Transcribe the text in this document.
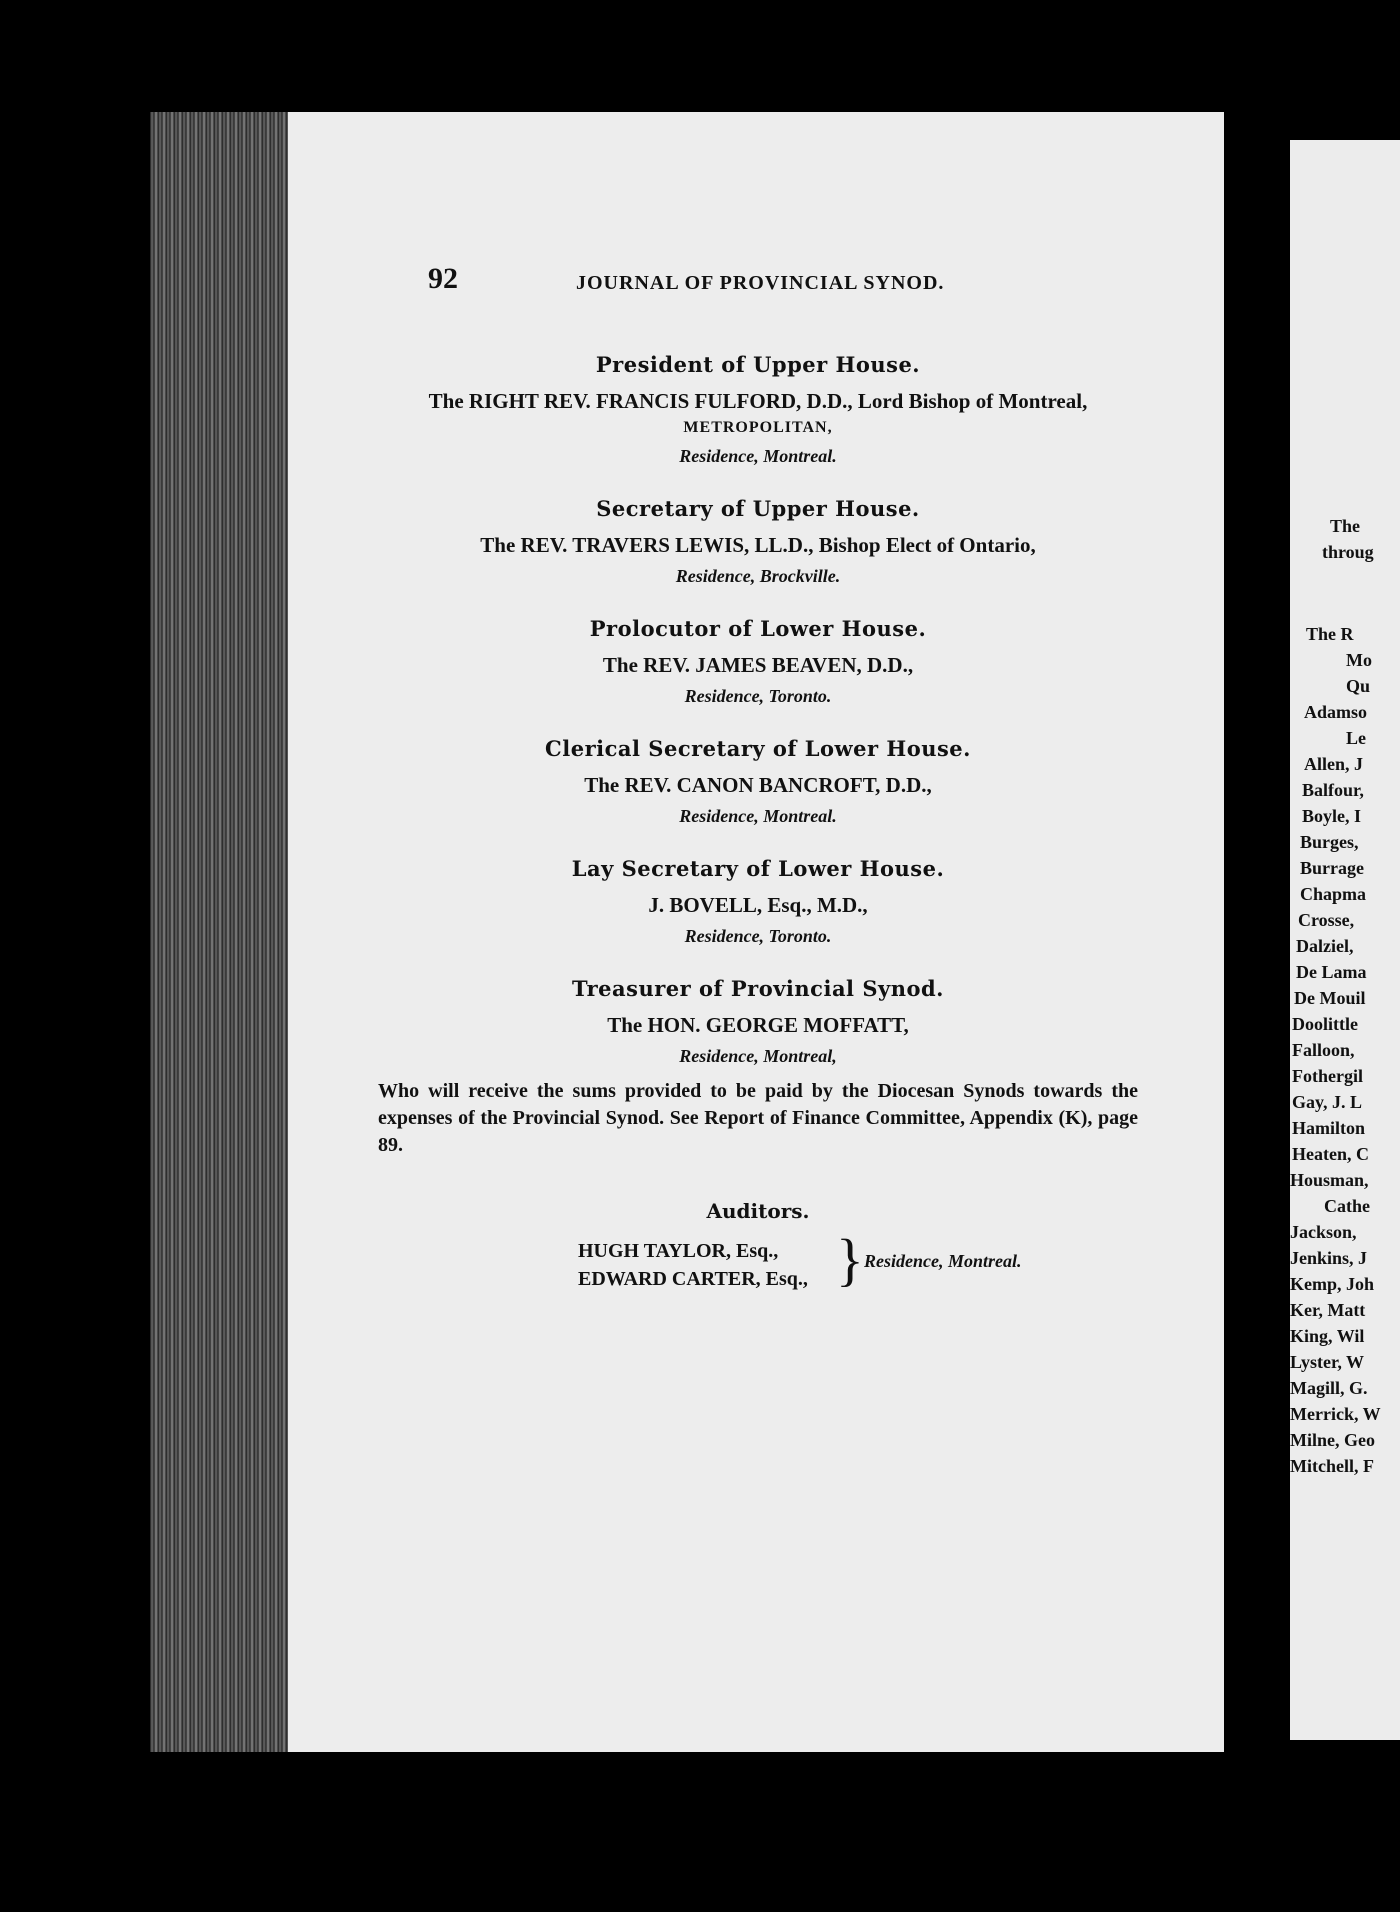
92	JOURNAL OF PROVINCIAL SYNOD.
President of Upper House.
The RIGHT REV. FRANCIS FULFORD, D.D., Lord Bishop of Montreal,
METROPOLITAN,
Residence, Montreal.
Secretary of Upper House.
The REV. TRAVERS LEWIS, LL.D., Bishop Elect of Ontario,
Residence, Brockville.
Prolocutor of Lower House.
The REV. JAMES BEAVEN, D.D.,
Residence, Toronto.
Clerical Secretary of Lower House.
The REV. CANON BANCROFT, D.D.,
Residence, Montreal.
Lay Secretary of Lower House.
J. BOVELL, Esq., M.D.,
Residence, Toronto.
Treasurer of Provincial Synod.
The HON. GEORGE MOFFATT,
Residence, Montreal,
Who will receive the sums provided to be paid by the Diocesan Synods towards the expenses of the Provincial Synod. See Report of Finance Committee, Appendix (K), page 89.
Auditors.
HUGH TAYLOR, Esq.,
EDWARD CARTER, Esq., } Residence, Montreal.
The
throug
The R
Mo
Qu
Adamso
Le
Allen, J
Balfour,
Boyle, I
Burges,
Burrage
Chapma
Crosse,
Dalziel,
De Lama
De Mouil
Doolittle
Falloon,
Fothergil
Gay, J. L
Hamilton
Heaten, C
Housman,
Cathe
Jackson,
Jenkins, J
Kemp, Joh
Ker, Matt
King, Wil
Lyster, W
Magill, G.
Merrick, W
Milne, Geo
Mitchell, F
